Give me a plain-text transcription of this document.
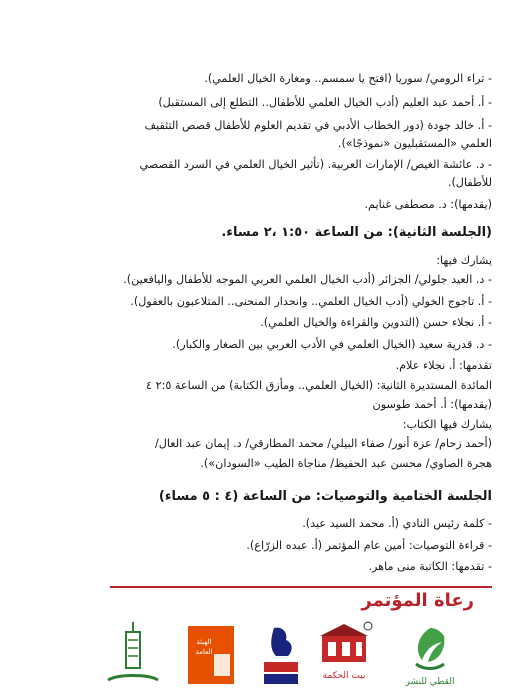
- تراء الرومي/ سوريا (افتح يا سمسم.. ومغارة الخيال العلمي).
- أ. أحمد عبد العليم (أدب الخيال العلمي للأطفال.. التطلع إلى المستقبل)
- أ. خالد جودة (دور الخطاب الأدبي في تقديم العلوم للأطفال قصص التثقيف
العلمي «المستقبليون «نموذجًا»).
- د. عائشة الغيص/ الإمارات العربية. (تأثير الخيال العلمي في السرد القصصي
للأطفال).
(يقدمها): د. مصطفى غنايم.
(الجلسة الثانية): من الساعة ١:٥٠ ،٢ مساء.
يشارك فيها:
- د. العيد جلولي/ الجزائر (أدب الخيال العلمي العربي الموجه للأطفال واليافعين).
- أ. تاجوج الخولي (أدب الخيال العلمي.. وانحدار المنحنى.. المتلاعبون بالعقول).
- أ. نجلاء حسن (التدوين والقراءة والخيال العلمي).
- د. قدرية سعيد (الخيال العلمي في الأدب العربي بين الصغار والكبار).
تقدمها: أ. نجلاء علام.
المائدة المستديرة الثانية: (الخيال العلمي.. ومأزق الكتابة) من الساعة ٢:٥ ٤
(يقدمها): أ. أحمد طوسون
يشارك فيها الكتاب:
(أحمد زحام/ عزة أنور/ صفاء البيلي/ محمد المطارقي/ د. إيمان عبد العال/
هجرة الصاوي/ محسن عبد الحفيظ/ مناجاة الطيب «السودان»).
الجلسة الختامية والتوصيات: من الساعة (٤ : ٥ مساء)
- كلمة رئيس النادي (أ. محمد السيد عيد).
- قراءة التوصيات: أمين عام المؤتمر (أ. عبده الزرّاع).
- تقدمها: الكاتبة منى ماهر.
رعاة المؤتمر
القطي للنشر
بيت الحكمة
الهيئة
العامة
